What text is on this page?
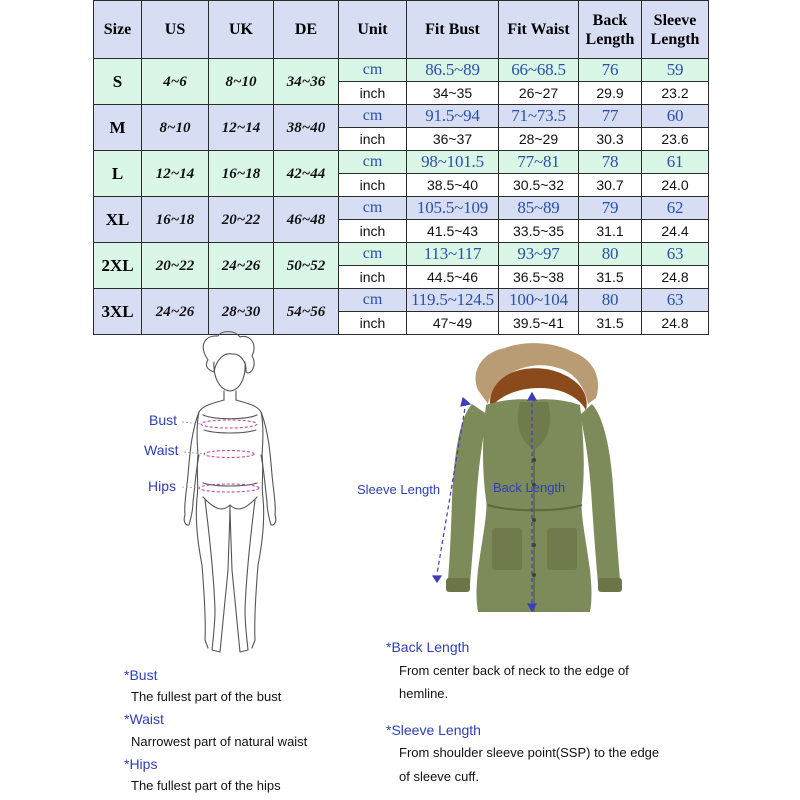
Size	US	UK	DE	Unit	Fit Bust	Fit Waist	Back Length	Sleeve Length
S	4~6	8~10	34~36	cm	86.5~89	66~68.5	76	59
				inch	34~35	26~27	29.9	23.2
M	8~10	12~14	38~40	cm	91.5~94	71~73.5	77	60
				inch	36~37	28~29	30.3	23.6
L	12~14	16~18	42~44	cm	98~101.5	77~81	78	61
				inch	38.5~40	30.5~32	30.7	24.0
XL	16~18	20~22	46~48	cm	105.5~109	85~89	79	62
				inch	41.5~43	33.5~35	31.1	24.4
2XL	20~22	24~26	50~52	cm	113~117	93~97	80	63
				inch	44.5~46	36.5~38	31.5	24.8
3XL	24~26	28~30	54~56	cm	119.5~124.5	100~104	80	63
				inch	47~49	39.5~41	31.5	24.8
Bust
Waist
Hips	Sleeve Length	Back Length
*Bust
The fullest part of the bust
*Waist
Narrowest part of natural waist
*Hips
The fullest part of the hips
*Back Length
From center back of neck to the edge of
hemline.
*Sleeve Length
From shoulder sleeve point(SSP) to the edge
of sleeve cuff.
